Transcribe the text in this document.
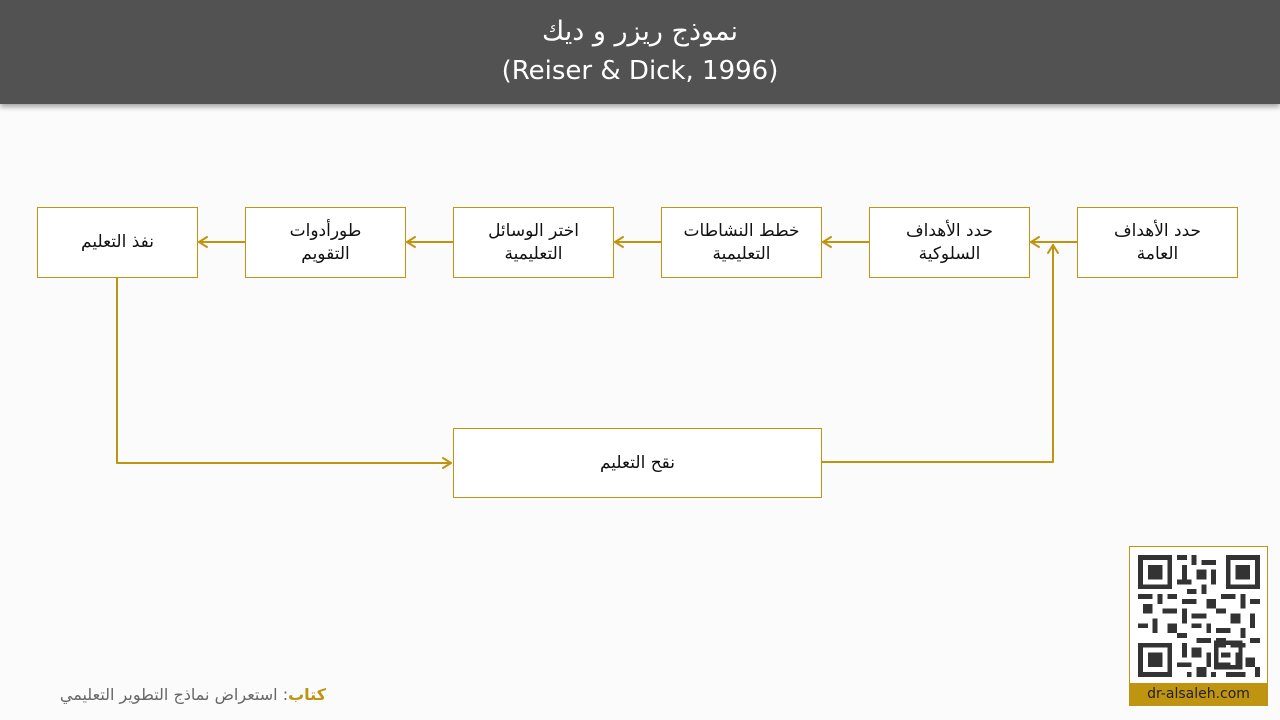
نموذج ريزر و ديك
(Reiser & Dick, 1996)
حدد الأهداف
العامة
حدد الأهداف
السلوكية
خطط النشاطات
التعليمية
اختر الوسائل
التعليمية
طورأدوات
التقويم
نفذ التعليم
نقح التعليم
dr-alsaleh.com
كتاب: استعراض نماذج التطوير التعليمي
